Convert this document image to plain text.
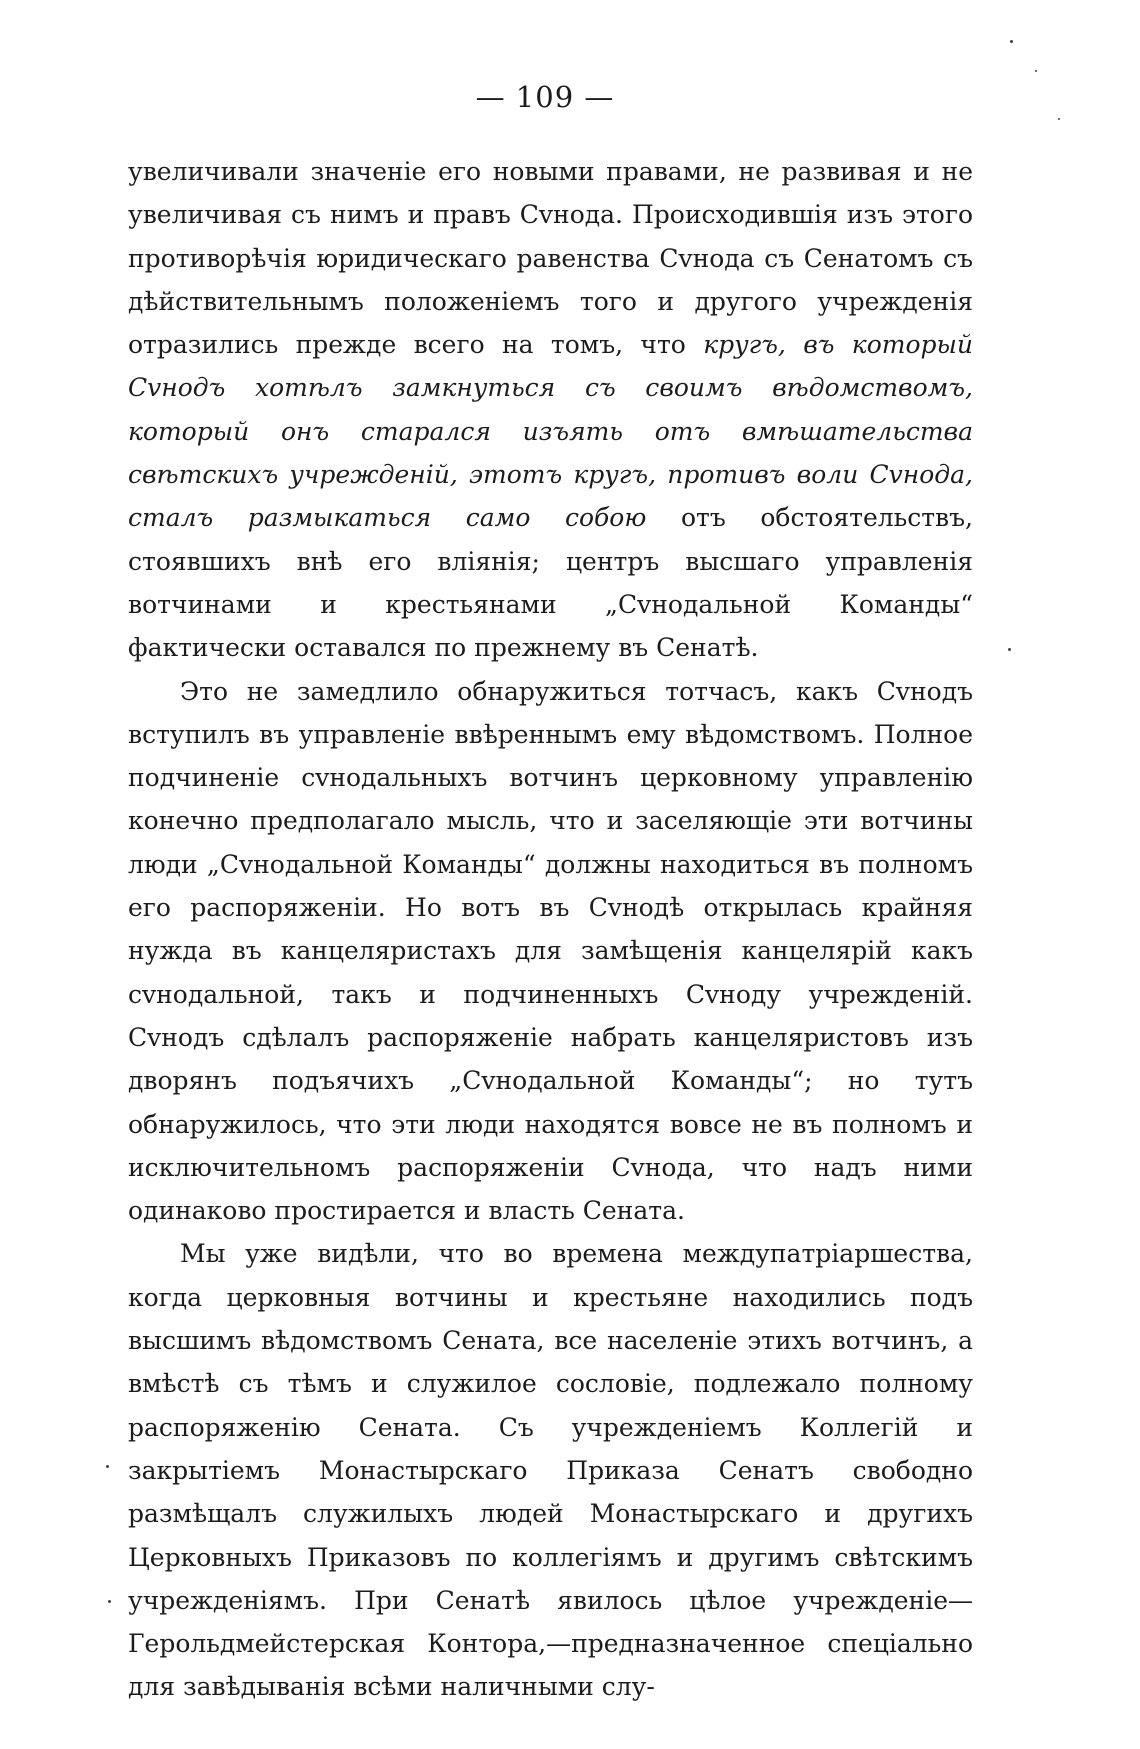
— 109 —

увеличивали значеніе его новыми правами, не развивая и не увеличивая съ нимъ и правъ Сvнода. Происходившія изъ этого противорѣчія юридическаго равенства Сvнода съ Сенатомъ съ дѣйствительнымъ положеніемъ того и другого учрежденія отразились прежде всего на томъ, что кругъ, въ который Сvнодъ хотѣлъ замкнуться съ своимъ вѣдомствомъ, который онъ старался изъять отъ вмѣшательства свѣтскихъ учрежденій, этотъ кругъ, противъ воли Сvнода, сталъ размыкаться само собою отъ обстоятельствъ, стоявшихъ внѣ его вліянія; центръ высшаго управленія вотчинами и крестьянами „Сvнодальной Команды“ фактически оставался по прежнему въ Сенатѣ.

Это не замедлило обнаружиться тотчасъ, какъ Сvнодъ вступилъ въ управленіе ввѣреннымъ ему вѣдомствомъ. Полное подчиненіе сvнодальныхъ вотчинъ церковному управленію конечно предполагало мысль, что и заселяющіе эти вотчины люди „Сvнодальной Команды“ должны находиться въ полномъ его распоряженіи. Но вотъ въ Сvнодѣ открылась крайняя нужда въ канцеляристахъ для замѣщенія канцелярій какъ сvнодальной, такъ и подчиненныхъ Сvноду учрежденій. Сvнодъ сдѣлалъ распоряженіе набрать канцеляристовъ изъ дворянъ подъячихъ „Сvнодальной Команды“; но тутъ обнаружилось, что эти люди находятся вовсе не въ полномъ и исключительномъ распоряженіи Сvнода, что надъ ними одинаково простирается и власть Сената.

Мы уже видѣли, что во времена междупатріаршества, когда церковныя вотчины и крестьяне находились подъ высшимъ вѣдомствомъ Сената, все населеніе этихъ вотчинъ, а вмѣстѣ съ тѣмъ и служилое сословіе, подлежало полному распоряженію Сената. Съ учрежденіемъ Коллегій и закрытіемъ Монастырскаго Приказа Сенатъ свободно размѣщалъ служилыхъ людей Монастырскаго и другихъ Церковныхъ Приказовъ по коллегіямъ и другимъ свѣтскимъ учрежденіямъ. При Сенатѣ явилось цѣлое учрежденіе—Герольдмейстерская Контора,—предназначенное спеціально для завѣдыванія всѣми наличными слу-
